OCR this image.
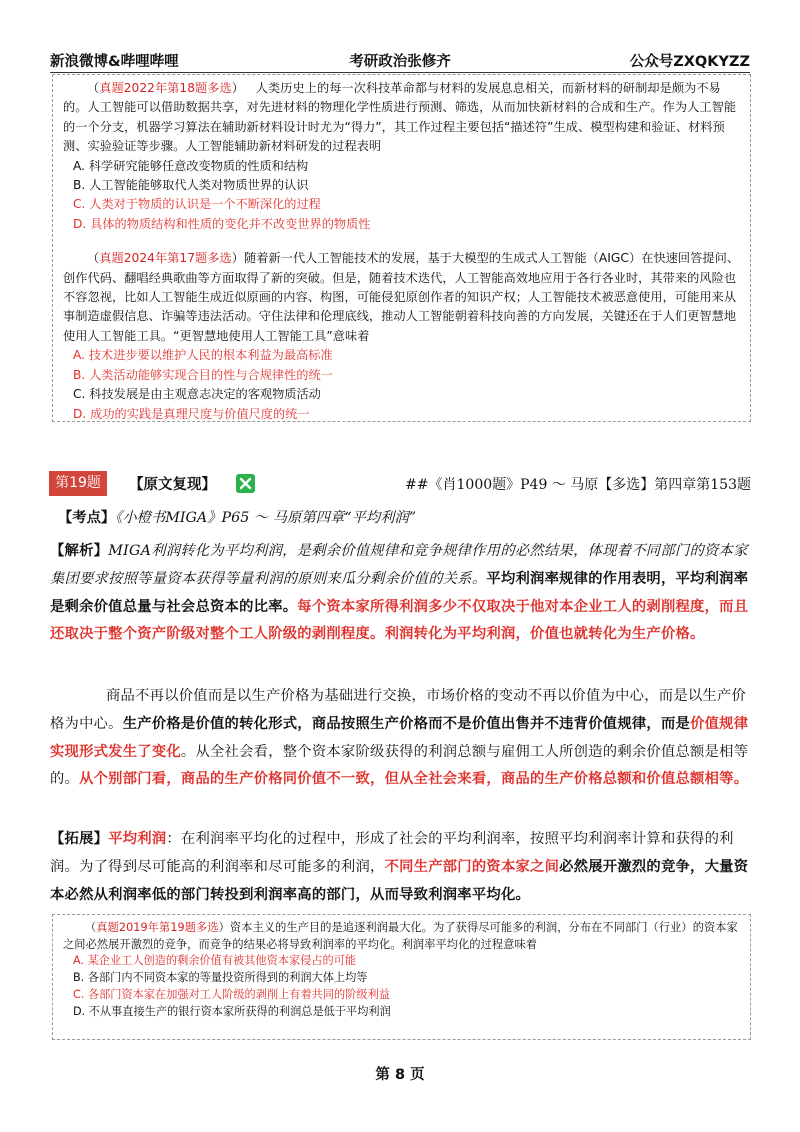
新浪微博&哔哩哔哩	考研政治张修齐	公众号ZXQKYZZ
（真题2022年第18题多选）   人类历史上的每一次科技革命都与材料的发展息息相关，而新材料的研制却是颇为不易的。人工智能可以借助数据共享，对先进材料的物理化学性质进行预测、筛选，从而加快新材料的合成和生产。作为人工智能的一个分支，机器学习算法在辅助新材料设计时尤为“得力”，其工作过程主要包括“描述符”生成、模型构建和验证、材料预测、实验验证等步骤。人工智能辅助新材料研发的过程表明
A. 科学研究能够任意改变物质的性质和结构
B. 人工智能能够取代人类对物质世界的认识
C. 人类对于物质的认识是一个不断深化的过程
D. 具体的物质结构和性质的变化并不改变世界的物质性
（真题2024年第17题多选）随着新一代人工智能技术的发展，基于大模型的生成式人工智能（AIGC）在快速回答提问、创作代码、翻唱经典歌曲等方面取得了新的突破。但是，随着技术迭代，人工智能高效地应用于各行各业时，其带来的风险也不容忽视，比如人工智能生成近似原画的内容、构图，可能侵犯原创作者的知识产权；人工智能技术被恶意使用，可能用来从事制造虚假信息、诈骗等违法活动。守住法律和伦理底线，推动人工智能朝着科技向善的方向发展，关键还在于人们更智慧地使用人工智能工具。“更智慧地使用人工智能工具”意味着
A. 技术进步要以维护人民的根本利益为最高标准
B. 人类活动能够实现合目的性与合规律性的统一
C. 科技发展是由主观意志决定的客观物质活动
D. 成功的实践是真理尺度与价值尺度的统一
第19题	【原文复现】	##《肖1000题》P49 ～ 马原【多选】第四章第153题
【考点】《小橙书MIGA》P65 ～ 马原第四章“平均利润”
【解析】MIGA利润转化为平均利润，是剩余价值规律和竞争规律作用的必然结果，体现着不同部门的资本家集团要求按照等量资本获得等量利润的原则来瓜分剩余价值的关系。平均利润率规律的作用表明，平均利润率是剩余价值总量与社会总资本的比率。每个资本家所得利润多少不仅取决于他对本企业工人的剥削程度，而且还取决于整个资产阶级对整个工人阶级的剥削程度。利润转化为平均利润，价值也就转化为生产价格。
商品不再以价值而是以生产价格为基础进行交换，市场价格的变动不再以价值为中心，而是以生产价格为中心。生产价格是价值的转化形式，商品按照生产价格而不是价值出售并不违背价值规律，而是价值规律实现形式发生了变化。从全社会看，整个资本家阶级获得的利润总额与雇佣工人所创造的剩余价值总额是相等的。从个别部门看，商品的生产价格同价值不一致，但从全社会来看，商品的生产价格总额和价值总额相等。
【拓展】平均利润：在利润率平均化的过程中，形成了社会的平均利润率，按照平均利润率计算和获得的利润。为了得到尽可能高的利润率和尽可能多的利润，不同生产部门的资本家之间必然展开激烈的竞争，大量资本必然从利润率低的部门转投到利润率高的部门，从而导致利润率平均化。
（真题2019年第19题多选）资本主义的生产目的是追逐利润最大化。为了获得尽可能多的利润，分布在不同部门（行业）的资本家之间必然展开激烈的竞争，而竞争的结果必将导致利润率的平均化。利润率平均化的过程意味着
A. 某企业工人创造的剩余价值有被其他资本家侵占的可能
B. 各部门内不同资本家的等量投资所得到的利润大体上均等
C. 各部门资本家在加强对工人阶级的剥削上有着共同的阶级利益
D. 不从事直接生产的银行资本家所获得的利润总是低于平均利润
第 8 页
